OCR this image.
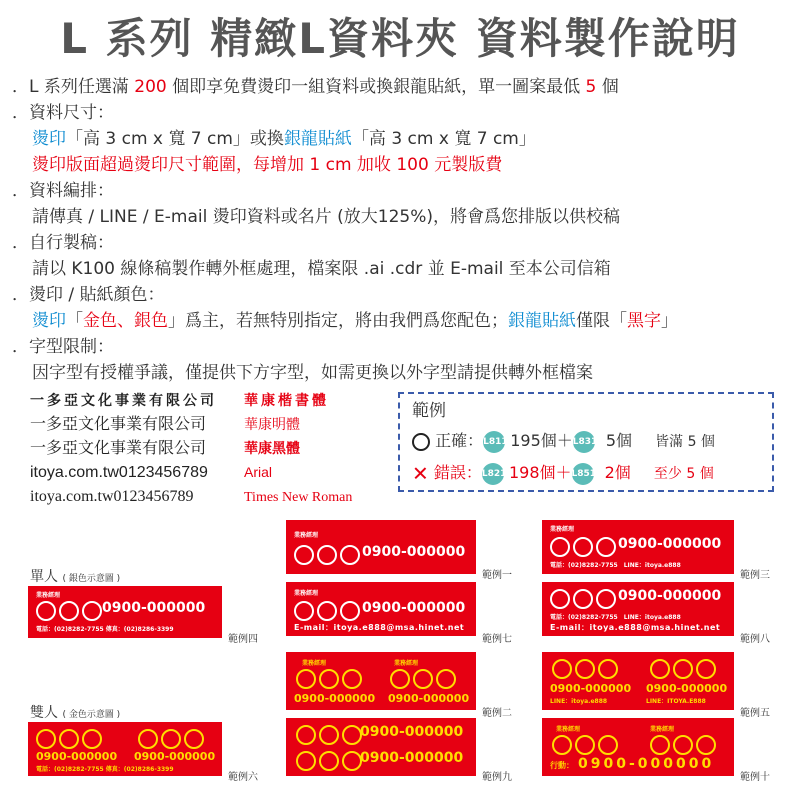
L 系列 精緻L資料夾 資料製作說明
．L 系列任選滿 200 個即享免費燙印一組資料或換銀龍貼紙，單一圖案最低 5 個
．資料尺寸：
燙印「高 3 cm x 寬 7 cm」或換銀龍貼紙「高 3 cm x 寬 7 cm」
燙印版面超過燙印尺寸範圍，每增加 1 cm 加收 100 元製版費
．資料編排：
請傳真 / LINE / E-mail 燙印資料或名片 (放大125%)，將會爲您排版以供校稿
．自行製稿：
請以 K100 線條稿製作轉外框處理，檔案限 .ai .cdr 並 E-mail 至本公司信箱
．燙印 / 貼紙顏色：
燙印「金色、銀色」爲主，若無特別指定，將由我們爲您配色；銀龍貼紙僅限「黑字」
．字型限制：
因字型有授權爭議，僅提供下方字型，如需更換以外字型請提供轉外框檔案
一多亞文化事業有限公司 華康楷書體
一多亞文化事業有限公司	華康明體
一多亞文化事業有限公司	華康黑體
itoya.com.tw0123456789	Arial
itoya.com.tw0123456789	Times New Roman
範例
正確：L811 195個＋L831 5個 皆滿 5 個
✕ 錯誤：L821 198個＋L851 2個 至少 5 個
單人 ( 銀色示意圖 )
雙人 ( 金色示意圖 )
業務經理
0900-000000
電話：(02)8282-7755 傳真：(02)8286-3399
範例四
0900-000000 0900-000000
電話：(02)8282-7755 傳真：(02)8286-3399
範例六
業務經理
0900-000000
範例一
業務經理
0900-000000
E-mail：itoya.e888@msa.hinet.net
範例七
業務經理	業務經理
0900-000000 0900-000000
範例二
0900-000000
0900-000000
範例九
業務經理
0900-000000
電話：(02)8282-7755　LINE：itoya.e888
範例三
0900-000000
電話：(02)8282-7755　LINE：itoya.e888
E-mail：itoya.e888@msa.hinet.net
範例八
0900-000000 0900-000000
LINE：itoya.e888	LINE：ITOYA.E888
範例五
業務經理	業務經理
行動： 0900-000000
範例十
